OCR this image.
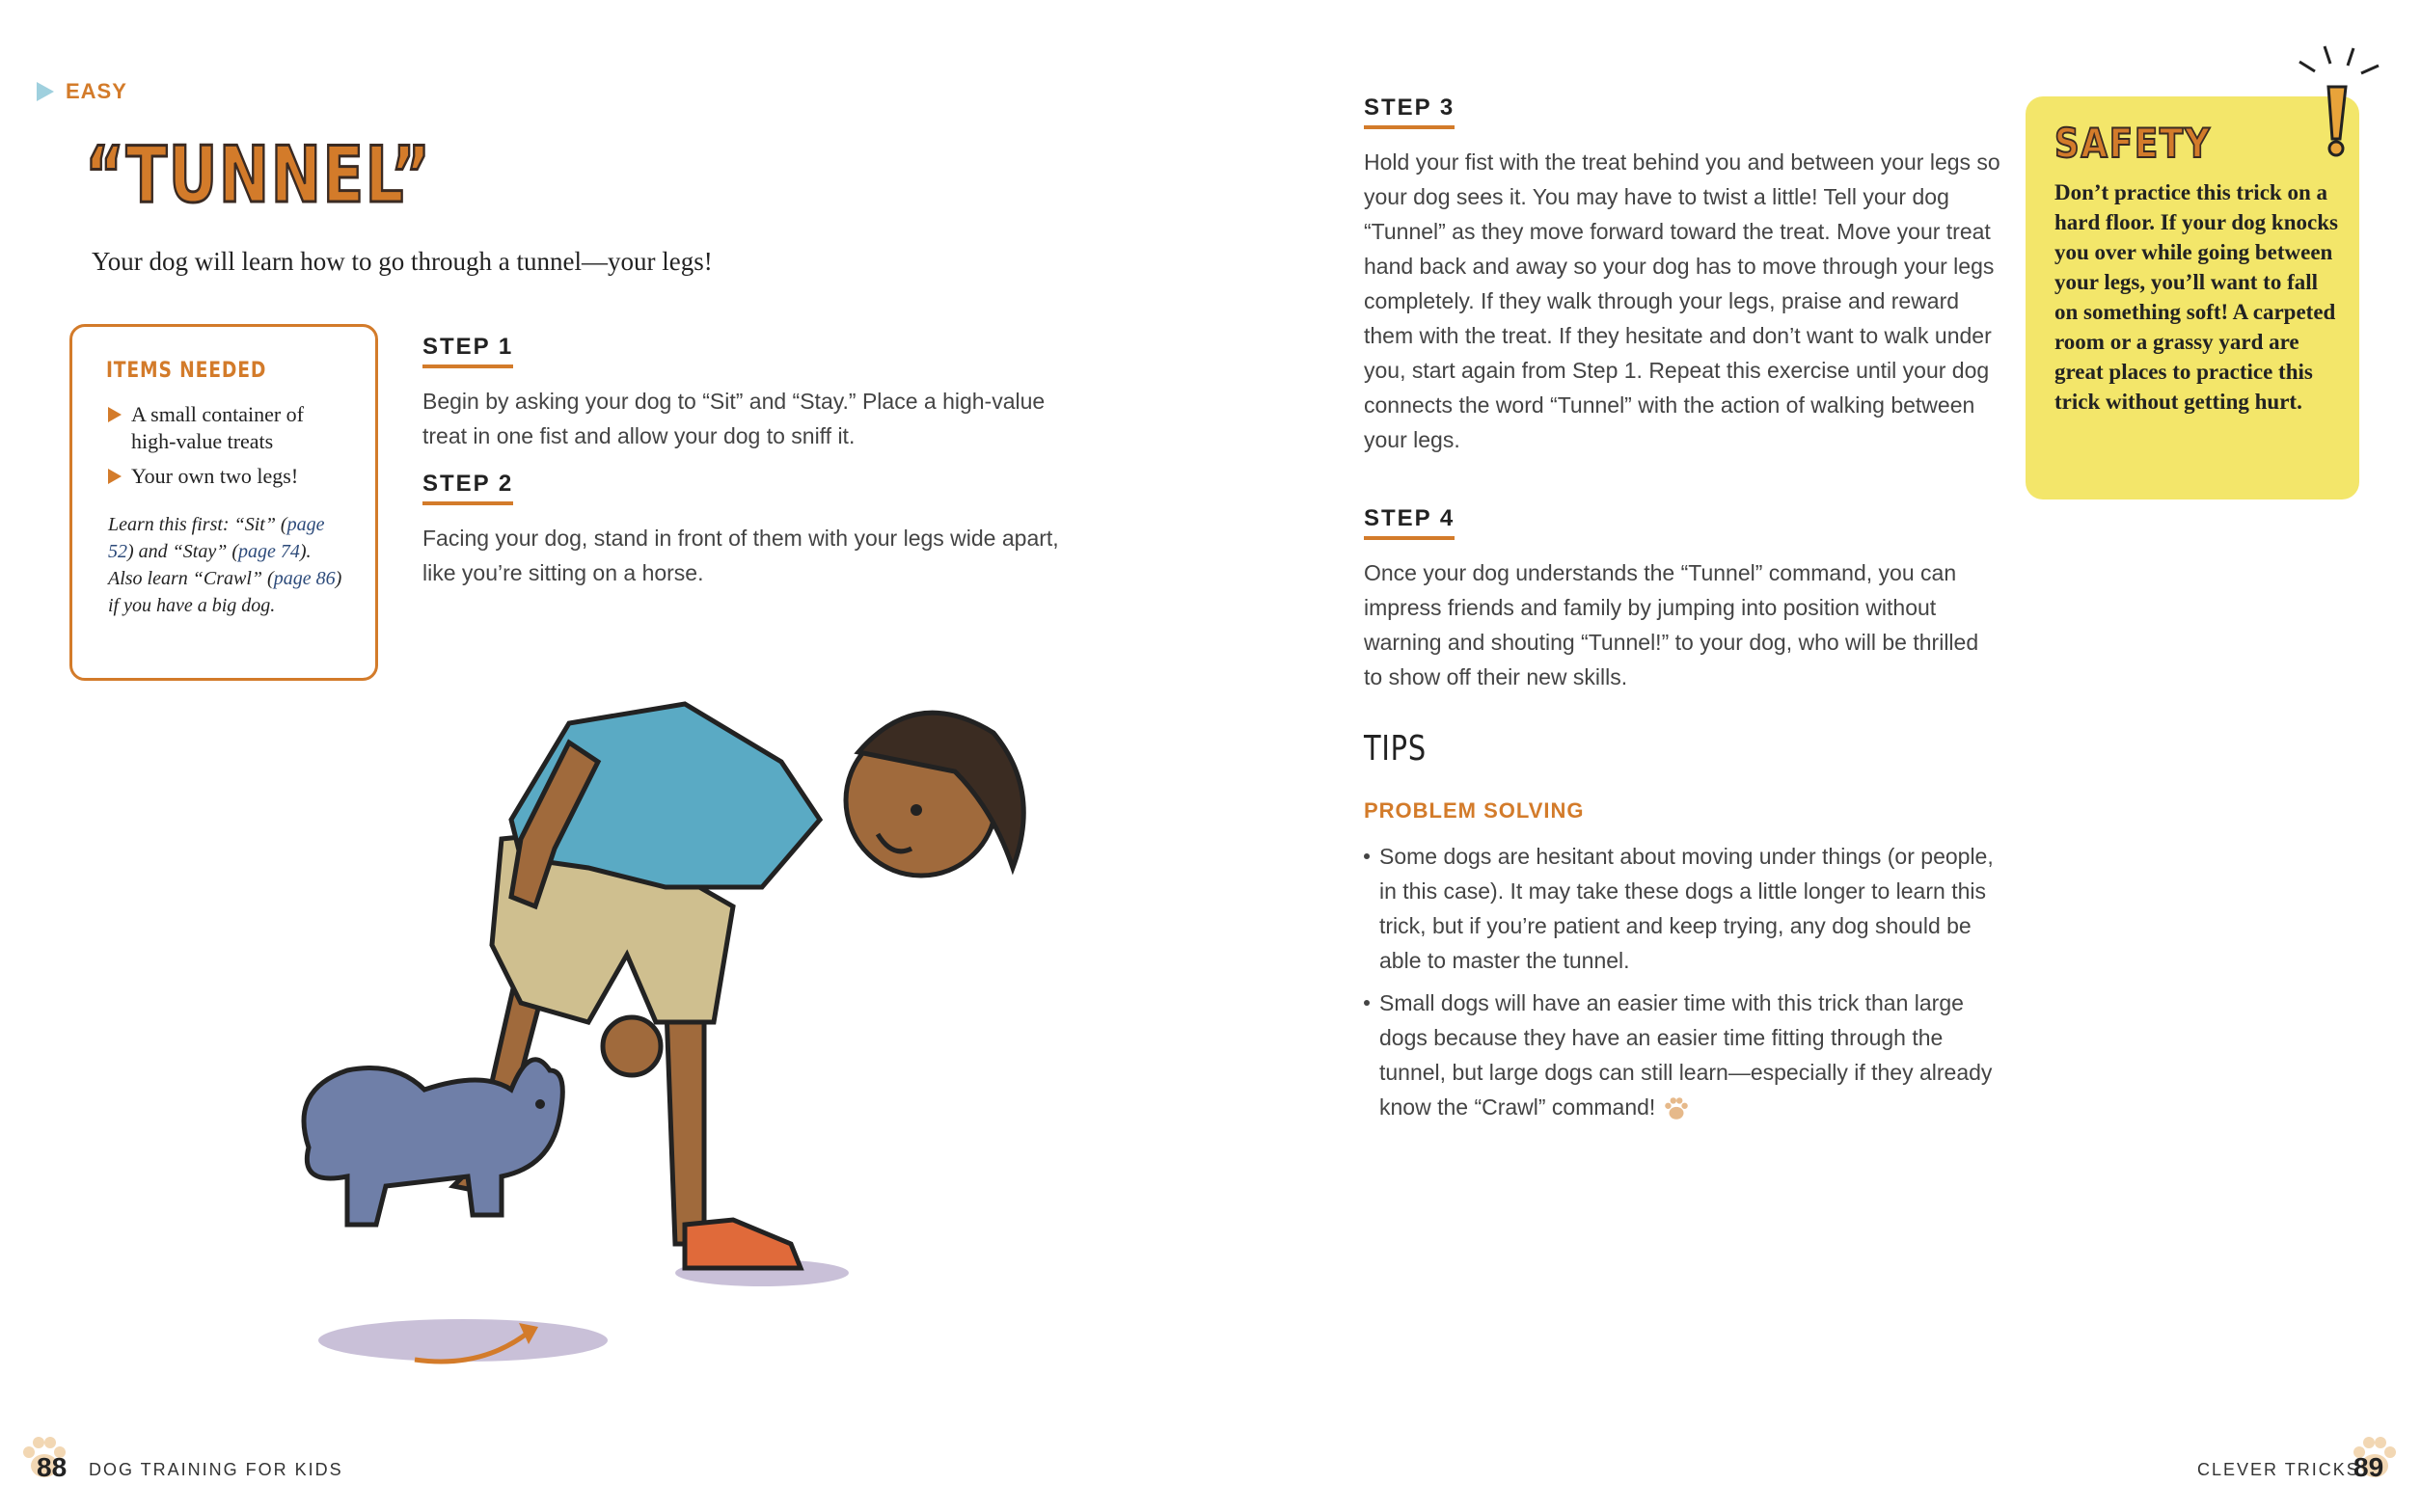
EASY
“TUNNEL”
Your dog will learn how to go through a tunnel—your legs!
ITEMS NEEDED
A small container of high-value treats
Your own two legs!
Learn this first: “Sit” (page 52) and “Stay” (page 74). Also learn “Crawl” (page 86) if you have a big dog.
STEP 1
Begin by asking your dog to “Sit” and “Stay.” Place a high-value treat in one fist and allow your dog to sniff it.
STEP 2
Facing your dog, stand in front of them with your legs wide apart, like you’re sitting on a horse.
88 DOG TRAINING FOR KIDS
STEP 3
Hold your fist with the treat behind you and between your legs so your dog sees it. You may have to twist a little! Tell your dog “Tunnel” as they move forward toward the treat. Move your treat hand back and away so your dog has to move through your legs completely. If they walk through your legs, praise and reward them with the treat. If they hesitate and don’t want to walk under you, start again from Step 1. Repeat this exercise until your dog connects the word “Tunnel” with the action of walking between your legs.
STEP 4
Once your dog understands the “Tunnel” command, you can impress friends and family by jumping into position without warning and shouting “Tunnel!” to your dog, who will be thrilled to show off their new skills.
TIPS
PROBLEM SOLVING
Some dogs are hesitant about moving under things (or people, in this case). It may take these dogs a little longer to learn this trick, but if you’re patient and keep trying, any dog should be able to master the tunnel.
Small dogs will have an easier time with this trick than large dogs because they have an easier time fitting through the tunnel, but large dogs can still learn—especially if they already know the “Crawl” command!
SAFETY
Don’t practice this trick on a hard floor. If your dog knocks you over while going between your legs, you’ll want to fall on something soft! A carpeted room or a grassy yard are great places to practice this trick without getting hurt.
CLEVER TRICKS
89
